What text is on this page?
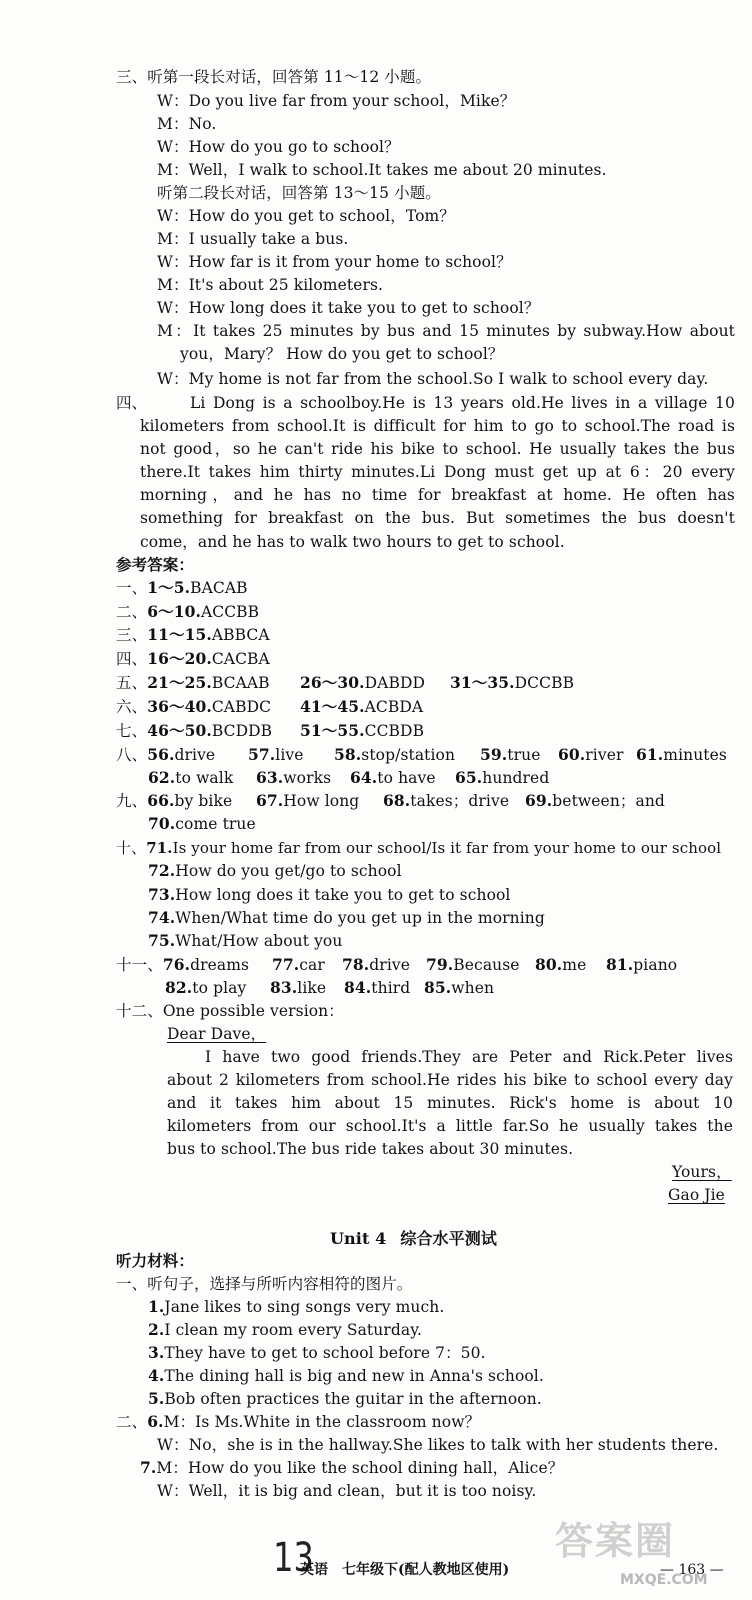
三、听第一段长对话，回答第 11～12 小题。
W：Do you live far from your school，Mike？
M：No.
W：How do you go to school？
M：Well，I walk to school.It takes me about 20 minutes.
听第二段长对话，回答第 13～15 小题。
W：How do you get to school，Tom？
M：I usually take a bus.
W：How far is it from your home to school？
M：It's about 25 kilometers.
W：How long does it take you to get to school？
M：It takes 25 minutes by bus and 15 minutes by subway.How about
you，Mary？ How do you get to school？
W：My home is not far from the school.So I walk to school every day.
四、	Li Dong is a schoolboy.He is 13 years old.He lives in a village 10
kilometers from school.It is difficult for him to go to school.The road is
not good，so he can't ride his bike to school. He usually takes the bus
there.It takes him thirty minutes.Li Dong must get up at 6：20 every
morning，and he has no time for breakfast at home. He often has
something for breakfast on the bus. But sometimes the bus doesn't
come，and he has to walk two hours to get to school.
参考答案：
一、1～5.BACAB
二、6～10.ACCBB
三、11～15.ABBCA
四、16～20.CACBA
五、21～25.BCAAB 26～30.DABDD 31～35.DCCBB
六、36～40.CABDC 41～45.ACBDA
七、46～50.BCDDB 51～55.CCBDB
八、56.drive 57.live 58.stop/station 59.true 60.river 61.minutes
62.to walk 63.works 64.to have 65.hundred
九、66.by bike 67.How long 68.takes；drive 69.between；and
70.come true
十、71.Is your home far from our school/Is it far from your home to our school
72.How do you get/go to school
73.How long does it take you to get to school
74.When/What time do you get up in the morning
75.What/How about you
十一、76.dreams 77.car 78.drive 79.Because 80.me 81.piano
82.to play 83.like 84.third 85.when
十二、One possible version：
Dear Dave，
I have two good friends.They are Peter and Rick.Peter lives
about 2 kilometers from school.He rides his bike to school every day
and it takes him about 15 minutes. Rick's home is about 10
kilometers from our school.It's a little far.So he usually takes the
bus to school.The bus ride takes about 30 minutes.
Yours，
Gao Jie
Unit 4 综合水平测试
听力材料：
一、听句子，选择与所听内容相符的图片。
1.Jane likes to sing songs very much.
2.I clean my room every Saturday.
3.They have to get to school before 7：50.
4.The dining hall is big and new in Anna's school.
5.Bob often practices the guitar in the afternoon.
二、6.M：Is Ms.White in the classroom now？
W：No，she is in the hallway.She likes to talk with her students there.
7.M：How do you like the school dining hall，Alice？
W：Well，it is big and clean，but it is too noisy.
13
英语　七年级下(配人教地区使用)	— 163 —
答案圈
MXQE.COM
